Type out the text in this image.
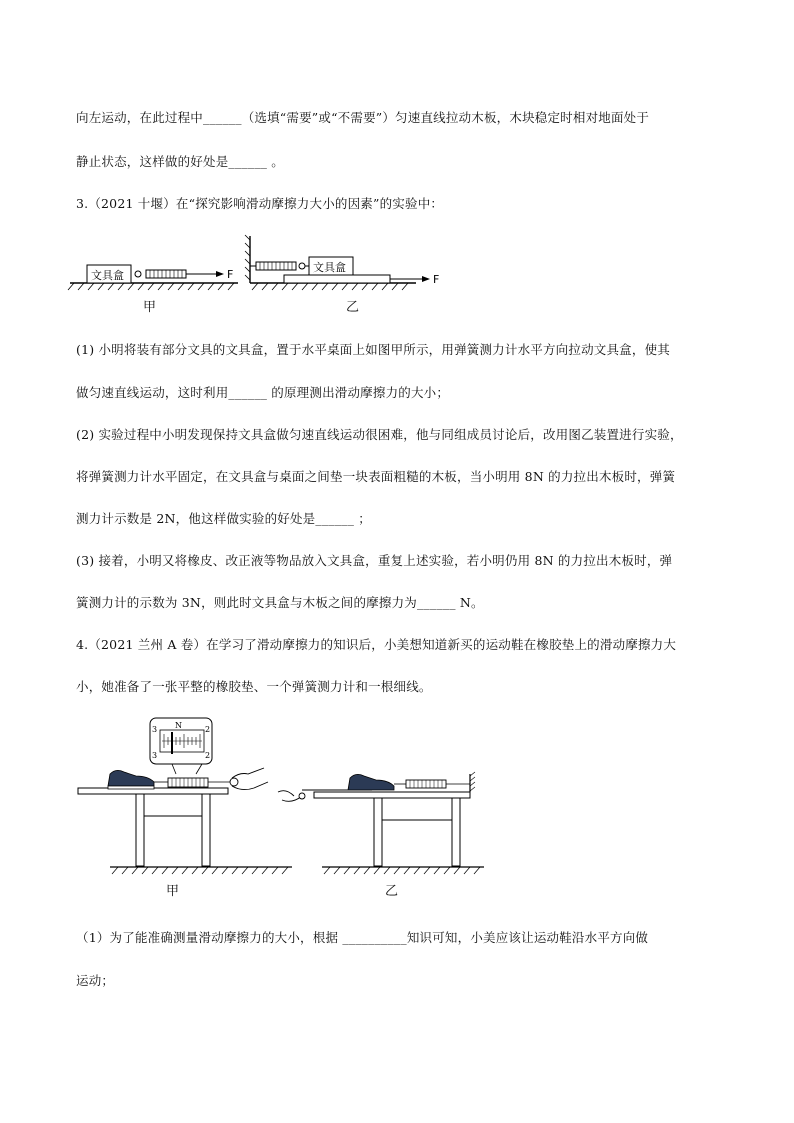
向左运动，在此过程中______（选填“需要”或“不需要”）匀速直线拉动木板，木块稳定时相对地面处于
静止状态，这样做的好处是______ 。
3.（2021 十堰）在“探究影响滑动摩擦力大小的因素”的实验中：
文具盒	F
文具盒
F
甲	乙
(1) 小明将装有部分文具的文具盒，置于水平桌面上如图甲所示，用弹簧测力计水平方向拉动文具盒，使其
做匀速直线运动，这时利用______ 的原理测出滑动摩擦力的大小；
(2) 实验过程中小明发现保持文具盒做匀速直线运动很困难，他与同组成员讨论后，改用图乙装置进行实验，
将弹簧测力计水平固定，在文具盒与桌面之间垫一块表面粗糙的木板，当小明用 8N 的力拉出木板时，弹簧
测力计示数是 2N，他这样做实验的好处是______ ；
(3) 接着，小明又将橡皮、改正液等物品放入文具盒，重复上述实验，若小明仍用 8N 的力拉出木板时，弹
簧测力计的示数为 3N，则此时文具盒与木板之间的摩擦力为______ N。
4.（2021 兰州 A 卷）在学习了滑动摩擦力的知识后，小美想知道新买的运动鞋在橡胶垫上的滑动摩擦力大
小，她准备了一张平整的橡胶垫、一个弹簧测力计和一根细线。
N
3
3
2
2
甲	乙
（1）为了能准确测量滑动摩擦力的大小，根据 __________知识可知，小美应该让运动鞋沿水平方向做
运动；
